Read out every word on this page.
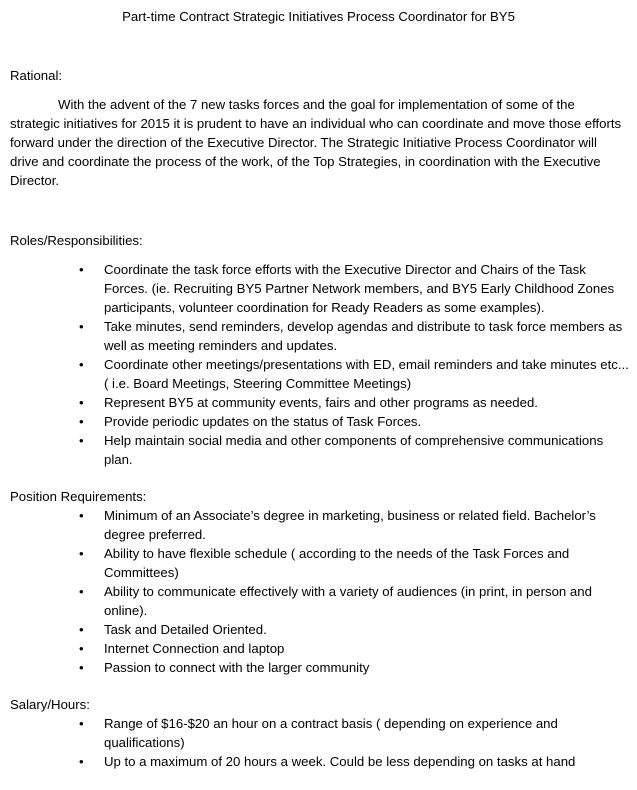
Part-time Contract Strategic Initiatives Process Coordinator for BY5
Rational:
With the advent of the 7 new tasks forces and the goal for implementation of some of the strategic initiatives for 2015 it is prudent to have an individual who can coordinate and move those efforts forward under the direction of the Executive Director. The Strategic Initiative Process Coordinator will drive and coordinate the process of the work, of the Top Strategies, in coordination with the Executive Director.
Roles/Responsibilities:
• Coordinate the task force efforts with the Executive Director and Chairs of the Task Forces. (ie. Recruiting BY5 Partner Network members, and BY5 Early Childhood Zones participants, volunteer coordination for Ready Readers as some examples).
• Take minutes, send reminders, develop agendas and distribute to task force members as well as meeting reminders and updates.
• Coordinate other meetings/presentations with ED, email reminders and take minutes etc... ( i.e. Board Meetings, Steering Committee Meetings)
• Represent BY5 at community events, fairs and other programs as needed.
• Provide periodic updates on the status of Task Forces.
• Help maintain social media and other components of comprehensive communications plan.
Position Requirements:
• Minimum of an Associate’s degree in marketing, business or related field. Bachelor’s degree preferred.
• Ability to have flexible schedule ( according to the needs of the Task Forces and Committees)
• Ability to communicate effectively with a variety of audiences (in print, in person and online).
• Task and Detailed Oriented.
• Internet Connection and laptop
• Passion to connect with the larger community
Salary/Hours:
• Range of $16-$20 an hour on a contract basis ( depending on experience and qualifications)
• Up to a maximum of 20 hours a week. Could be less depending on tasks at hand
